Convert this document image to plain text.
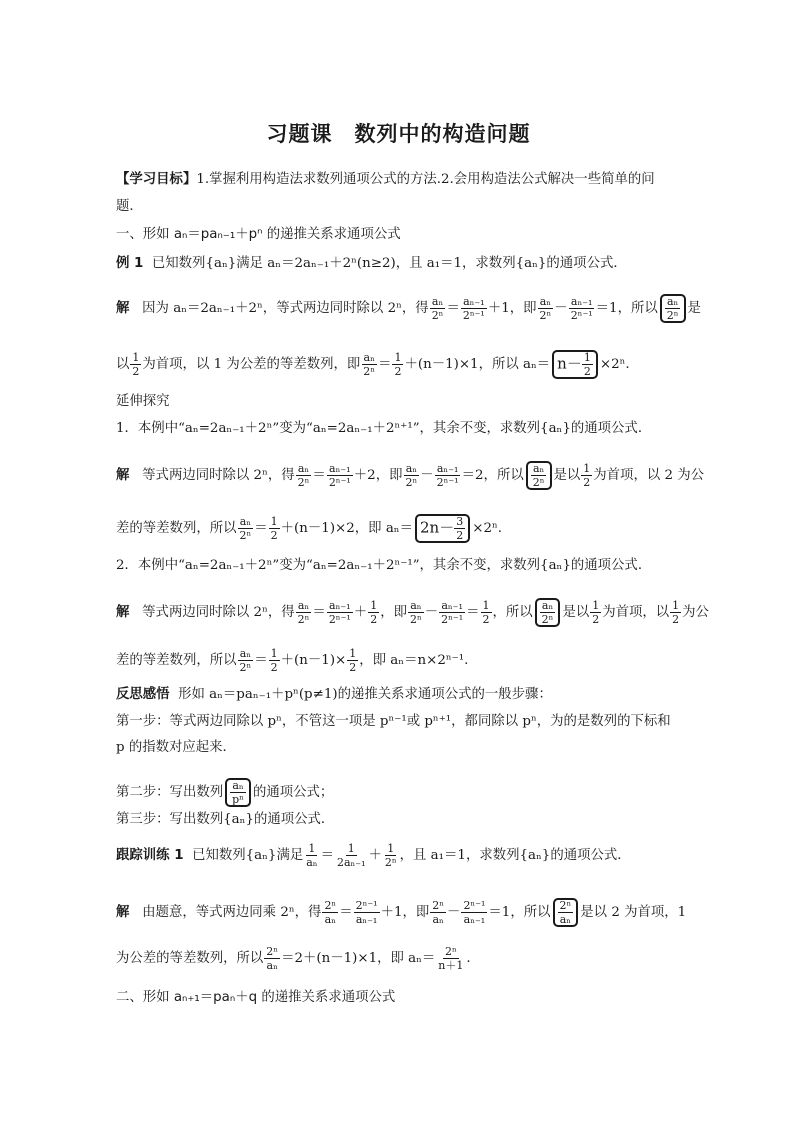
习题课　数列中的构造问题
【学习目标】1.掌握利用构造法求数列通项公式的方法.2.会用构造法公式解决一些简单的问
题．
一、形如 aₙ＝paₙ₋₁＋pⁿ 的递推关系求通项公式
例 1 已知数列{aₙ}满足 aₙ＝2aₙ₋₁＋2ⁿ(n≥2)，且 a₁＝1，求数列{aₙ}的通项公式．
解 因为 aₙ＝2aₙ₋₁＋2ⁿ，等式两边同时除以 2ⁿ，得 $\frac{\text{aₙ}}{\text{2ⁿ}} = \frac{\text{aₙ₋₁}}{\text{2ⁿ⁻¹}} +1$，即 $\frac{\text{aₙ}}{\text{2ⁿ}} - \frac{\text{aₙ₋₁}}{\text{2ⁿ⁻¹}} =1$，所以 $\frac{\text{aₙ}}{\text{2ⁿ}}$ 是
以 $\frac{1}{2}$ 为首项，以 1 为公差的等差数列，即 $\frac{\text{aₙ}}{\text{2ⁿ}} = \frac{1}{2} +(n-1)\times 1$，所以 $a_n= n- \frac{1}{2} \times 2^n$.
延伸探究
1．本例中“aₙ=2aₙ₋₁＋2ⁿ”变为“aₙ=2aₙ₋₁＋2ⁿ⁺¹”，其余不变，求数列{aₙ}的通项公式．
解 等式两边同时除以 2ⁿ，得 $\frac{\text{aₙ}}{\text{2ⁿ}} = \frac{\text{aₙ₋₁}}{\text{2ⁿ⁻¹}} +2$，即 $\frac{\text{aₙ}}{\text{2ⁿ}} - \frac{\text{aₙ₋₁}}{\text{2ⁿ⁻¹}} =2$，所以 $\frac{\text{aₙ}}{\text{2ⁿ}}$ 是以 $\frac{1}{2}$ 为首项，以 2 为公
差的等差数列，所以 $\frac{\text{aₙ}}{\text{2ⁿ}} = \frac{1}{2} +(n-1)\times 2$，即 $a_n= 2n- \frac{3}{2} \times 2^n$.
2．本例中“aₙ=2aₙ₋₁＋2ⁿ”变为“aₙ=2aₙ₋₁＋2ⁿ⁻¹”，其余不变，求数列{aₙ}的通项公式．
解 等式两边同时除以 2ⁿ，得 $\frac{\text{aₙ}}{\text{2ⁿ}} = \frac{\text{aₙ₋₁}}{\text{2ⁿ⁻¹}} + \frac{1}{2}$ ，即 $\frac{\text{aₙ}}{\text{2ⁿ}} - \frac{\text{aₙ₋₁}}{\text{2ⁿ⁻¹}} = \frac{1}{2}$ ，所以 $\frac{\text{aₙ}}{\text{2ⁿ}}$ 是以 $\frac{1}{2}$ 为首项，以 $\frac{1}{2}$ 为公
差的等差数列，所以 $\frac{\text{aₙ}}{\text{2ⁿ}} = \frac{1}{2} +(n-1)\times \frac{1}{2}$ ，即 aₙ＝n×2ⁿ⁻¹.
反思感悟 形如 aₙ＝paₙ₋₁＋pⁿ(p≠1)的递推关系求通项公式的一般步骤：
第一步：等式两边同除以 pⁿ，不管这一项是 pⁿ⁻¹或 pⁿ⁺¹，都同除以 pⁿ，为的是数列的下标和
p 的指数对应起来．
第二步：写出数列 $\frac{\text{aₙ}}{\text{pⁿ}}$ 的通项公式；
第三步：写出数列{aₙ}的通项公式．
跟踪训练 1 已知数列{aₙ}满足 $\frac{1}{\text{aₙ}} = \frac{1}{\text{2aₙ₋₁}} + \frac{1}{\text{2ⁿ}}$ ，且 a₁＝1，求数列{aₙ}的通项公式．
解 由题意，等式两边同乘 2ⁿ，得 $\frac{\text{2ⁿ}}{\text{aₙ}} = \frac{\text{2ⁿ⁻¹}}{\text{aₙ₋₁}} +1$，即 $\frac{\text{2ⁿ}}{\text{aₙ}} - \frac{\text{2ⁿ⁻¹}}{\text{aₙ₋₁}} =1$，所以 $\frac{\text{2ⁿ}}{\text{aₙ}}$ 是以 2 为首项，1
为公差的等差数列，所以 $\frac{\text{2ⁿ}}{\text{aₙ}} =2+(n-1)\times 1$，即 $a_n= \frac{\text{2ⁿ}}{n+1}$ .
二、形如 aₙ₊₁＝paₙ＋q 的递推关系求通项公式
